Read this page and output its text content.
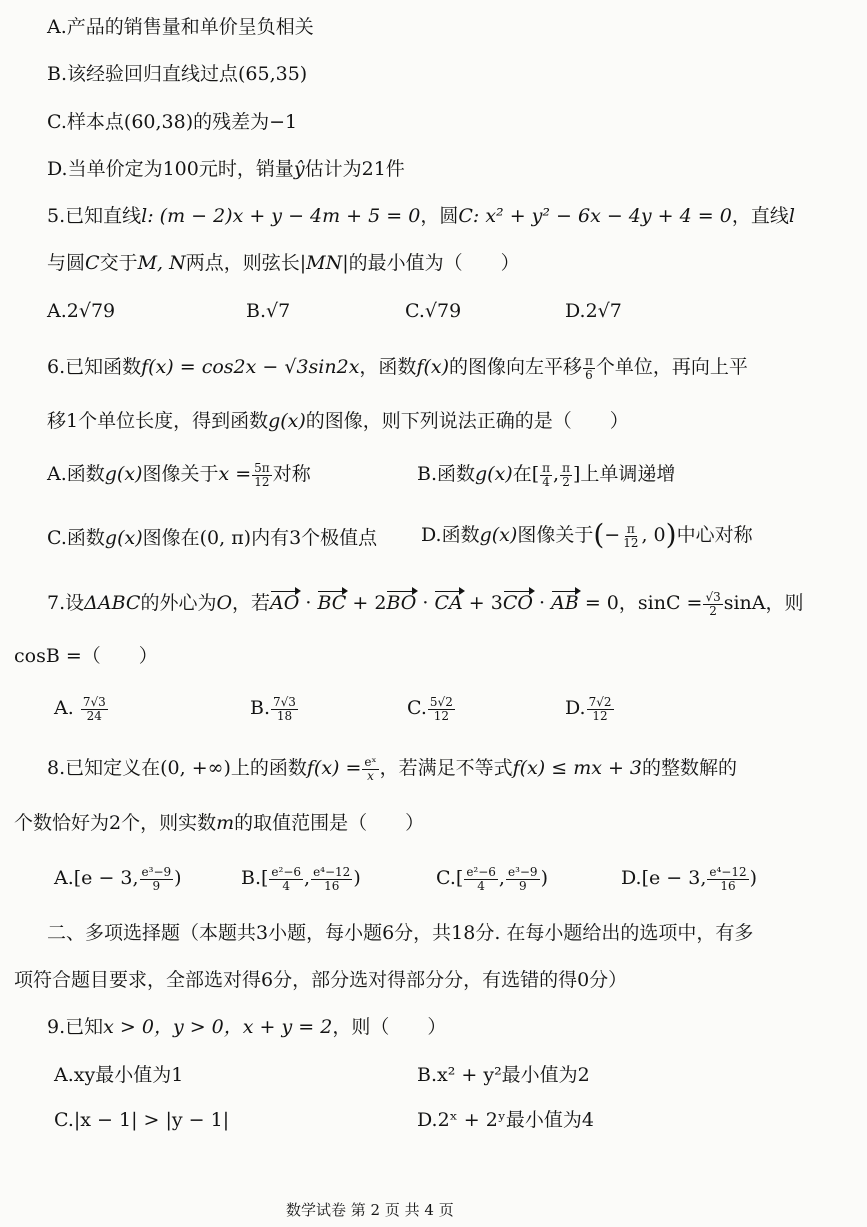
A.产品的销售量和单价呈负相关
B.该经验回归直线过点(65,35)
C.样本点(60,38)的残差为−1
D.当单价定为100元时，销量ŷ估计为21件
5.已知直线l: (m − 2)x + y − 4m + 5 = 0，圆C: x² + y² − 6x − 4y + 4 = 0，直线l
与圆C交于M, N两点，则弦长|MN|的最小值为（　　）
A.2√79	B.√7	C.√79	D.2√7
6.已知函数f(x) = cos2x − √3sin2x，函数f(x)的图像向左平移 $\frac{\pi}{6}$ 个单位，再向上平
移1个单位长度，得到函数g(x)的图像，则下列说法正确的是（　　）
A.函数g(x)图像关于$x = \frac{5\pi}{12}$ 对称	B.函数g(x)在[ $\frac{\pi}{4}$ , $\frac{\pi}{2}$ ]上单调递增
C.函数g(x)图像在(0, π)内有3个极值点 D.函数g(x)图像关于(− $\frac{\pi}{12}$ , 0)中心对称
7.设ΔABC的外心为O，若AO · BC + 2BO · CA + 3CO · AB = 0，$\sin C = \frac{√3}{2}$ sinA，则
cosB =（　　）
A. $\frac{7√3}{24}$	B. $\frac{7√3}{18}$	C. $\frac{5√2}{12}$	D. $\frac{7√2}{12}$
8.已知定义在(0, +∞)上的函数$f(x) = \frac{\text{eˣ}}{x}$ ，若满足不等式f(x) ≤ mx + 3的整数解的
个数恰好为2个，则实数m的取值范围是（　　）
A.[e − 3, $\frac{\text{e³−9}}{9}$ )	$B.[ \frac{\text{e²−6}}{4}$ , $\frac{\text{e⁴−12}}{16}$ )	$C.[ \frac{\text{e²−6}}{4}$ , $\frac{\text{e³−9}}{9}$ )	D.[e − 3, $\frac{\text{e⁴−12}}{16}$ )
二、多项选择题（本题共3小题，每小题6分，共18分. 在每小题给出的选项中，有多
项符合题目要求，全部选对得6分，部分选对得部分分，有选错的得0分）
9.已知x > 0，y > 0，x + y = 2，则（　　）
A.xy最小值为1	B.x² + y²最小值为2
C.|x − 1| > |y − 1|	D.2ˣ + 2ʸ最小值为4
数学试卷 第 2 页 共 4 页
